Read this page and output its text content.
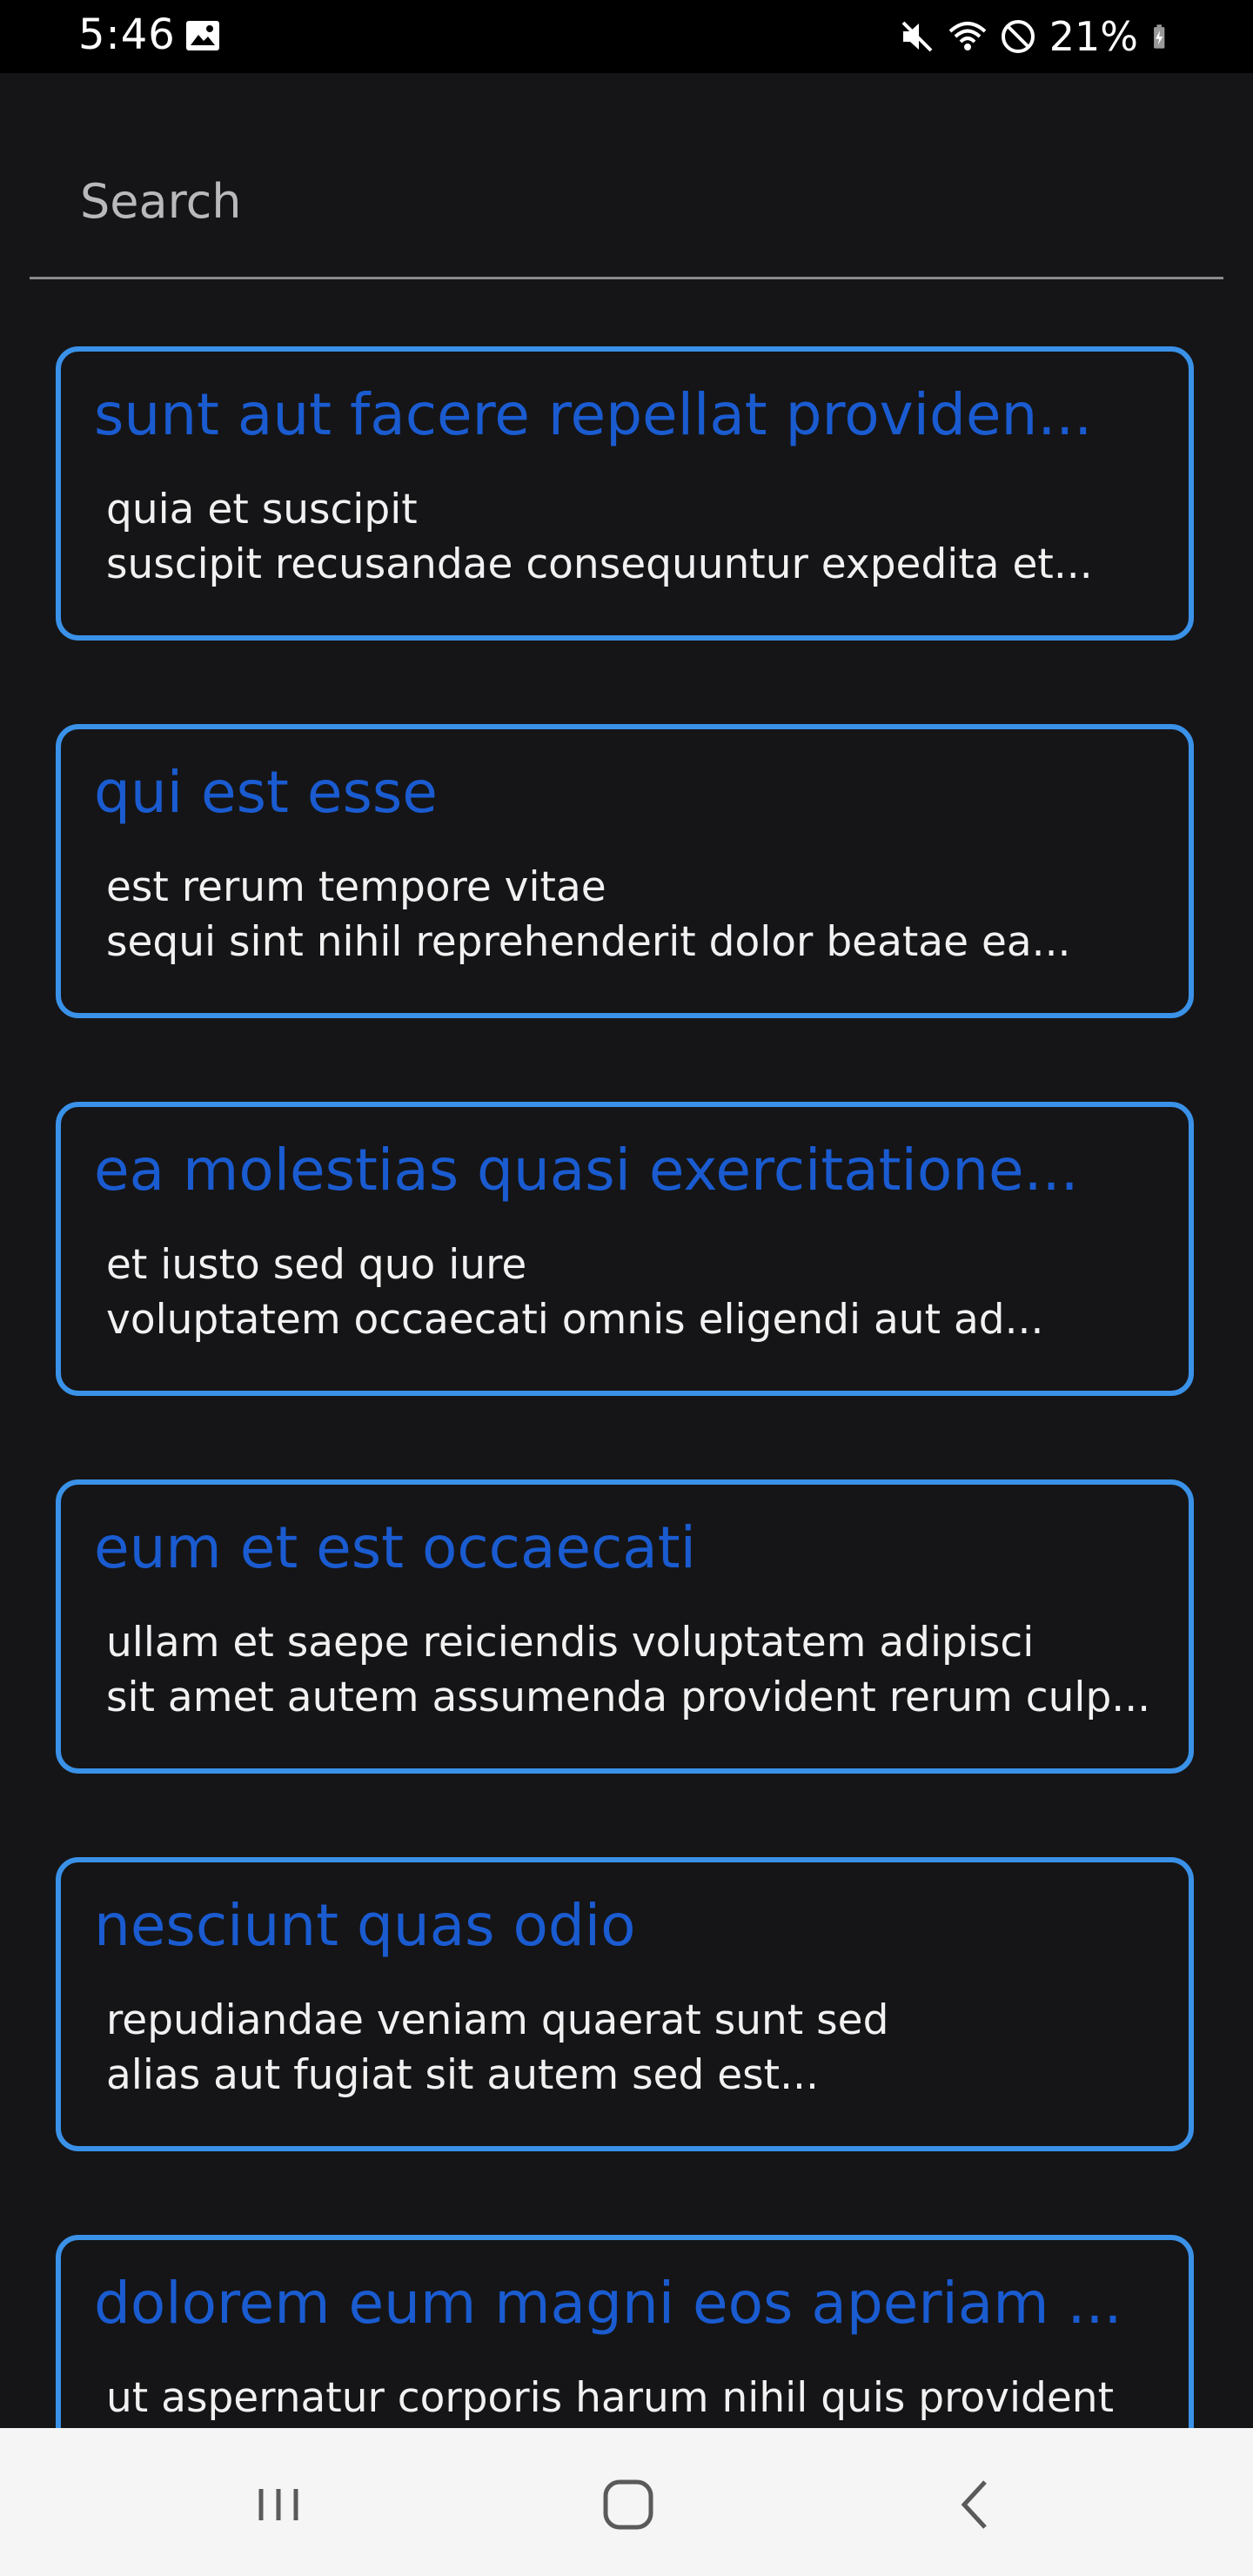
5:46	21%
Search
sunt aut facere repellat providen...
quia et suscipit
suscipit recusandae consequuntur expedita et...
qui est esse
est rerum tempore vitae
sequi sint nihil reprehenderit dolor beatae ea...
ea molestias quasi exercitatione...
et iusto sed quo iure
voluptatem occaecati omnis eligendi aut ad...
eum et est occaecati
ullam et saepe reiciendis voluptatem adipisci
sit amet autem assumenda provident rerum culp...
nesciunt quas odio
repudiandae veniam quaerat sunt sed
alias aut fugiat sit autem sed est...
dolorem eum magni eos aperiam ...
ut aspernatur corporis harum nihil quis provident
